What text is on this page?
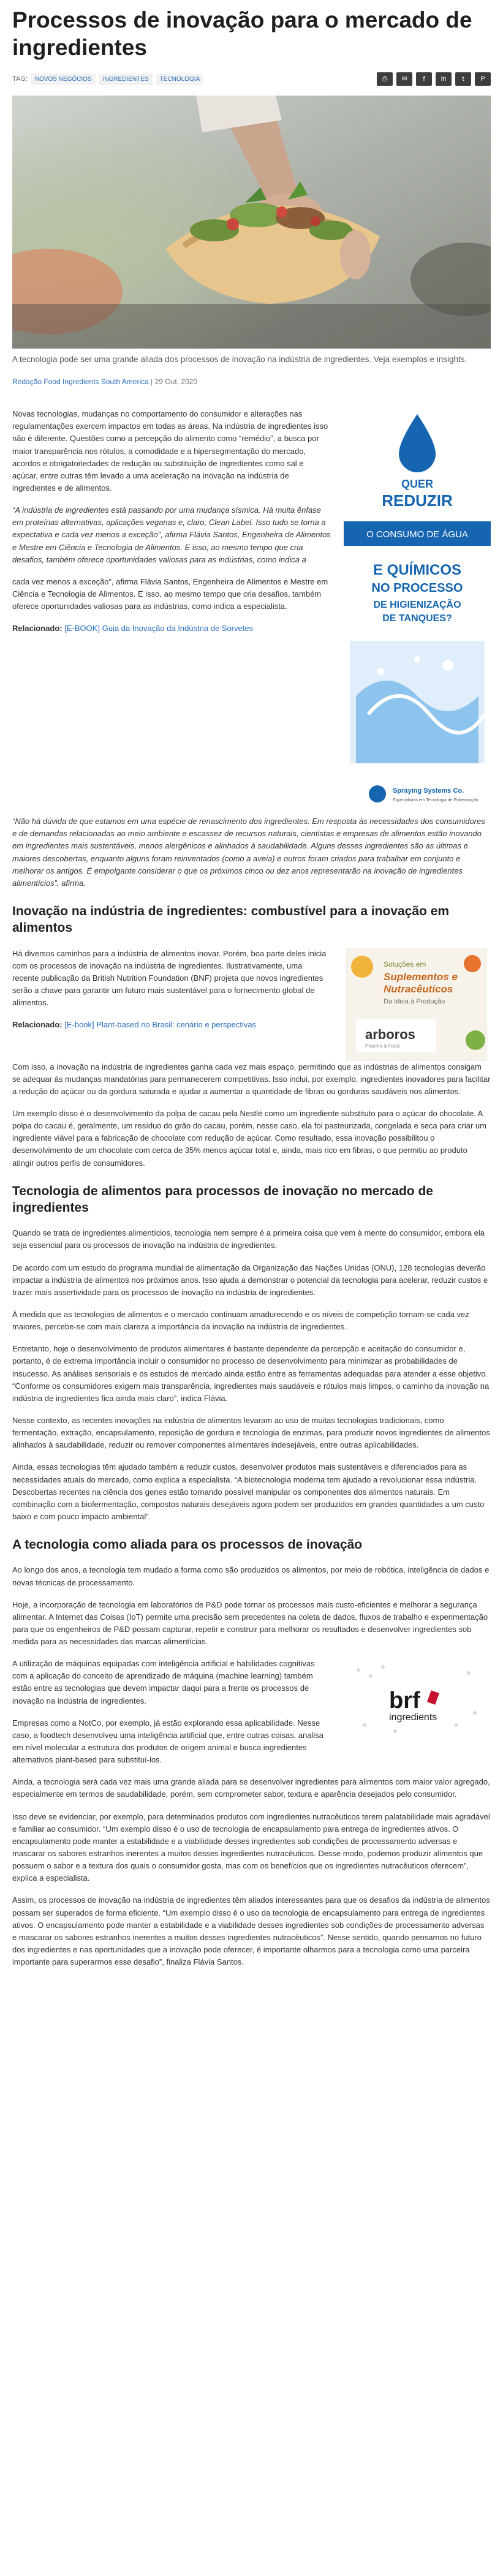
Processos de inovação para o mercado de ingredientes
TAG:	NOVOS NEGÓCIOS	INGREDIENTES	TECNOLOGIA	⎙	✉	f	in	t	P

A tecnologia pode ser uma grande aliada dos processos de inovação na indústria de ingredientes. Veja exemplos e insights.

Redação Food Ingredients South America | 29 Out, 2020

Novas tecnologias, mudanças no comportamento do consumidor e alterações nas regulamentações exercem impactos em todas as áreas. Na indústria de ingredientes isso não é diferente. Questões como a percepção do alimento como “remédio”, a busca por maior transparência nos rótulos, a comodidade e a hipersegmentação do mercado, acordos e obrigatoriedades de redução ou substituição de ingredientes como sal e açúcar, entre outras têm levado a uma aceleração na inovação na indústria de ingredientes e de alimentos.

“A indústria de ingredientes está passando por uma mudança sísmica. Há muita ênfase em proteínas alternativas, aplicações veganas e, claro, Clean Label. Isso tudo se torna a expectativa e cada vez menos a exceção”, afirma Flávia Santos, Engenheira de Alimentos e Mestre em Ciência e Tecnologia de Alimentos. E isso, ao mesmo tempo que cria desafios, também oferece oportunidades valiosas para as indústrias, como indica a

cada vez menos a exceção”, afirma Flávia Santos, Engenheira de Alimentos e Mestre em Ciência e Tecnologia de Alimentos. E isso, ao mesmo tempo que cria desafios, também oferece oportunidades valiosas para as indústrias, como indica a especialista.

Relacionado: [E-BOOK] Guia da Inovação da Indústria de Sorvetes

QUER
REDUZIR
O CONSUMO DE ÁGUA
E QUÍMICOS
NO PROCESSO
DE HIGIENIZAÇÃO
DE TANQUES?
Spraying Systems Co.
Especialistas em Tecnologia de Pulverização

“Não há dúvida de que estamos em uma espécie de renascimento dos ingredientes. Em resposta às necessidades dos consumidores e de demandas relacionadas ao meio ambiente e escassez de recursos naturais, cientistas e empresas de alimentos estão inovando em ingredientes mais sustentáveis, menos alergênicos e alinhados à saudabilidade. Alguns desses ingredientes são as últimas e maiores descobertas, enquanto alguns foram reinventados (como a aveia) e outros foram criados para trabalhar em conjunto e melhorar os antigos. É empolgante considerar o que os próximos cinco ou dez anos representarão na inovação de ingredientes alimentícios”, afirma.

Inovação na indústria de ingredientes: combustível para a inovação em alimentos

Há diversos caminhos para a indústria de alimentos inovar. Porém, boa parte deles inicia com os processos de inovação na indústria de ingredientes. Ilustrativamente, uma recente publicação da British Nutrition Foundation (BNF) projeta que novos ingredientes serão a chave para garantir um futuro mais sustentável para o fornecimento global de alimentos.

Relacionado: [E-book] Plant-based no Brasil: cenário e perspectivas

Soluções em
Suplementos e
Nutracêuticos
Da Ideia à Produção
arboros
Pharma & Food

Com isso, a inovação na indústria de ingredientes ganha cada vez mais espaço, permitindo que as indústrias de alimentos consigam se adequar às mudanças mandatórias para permanecerem competitivas. Isso inclui, por exemplo, ingredientes inovadores para facilitar a redução do açúcar ou da gordura saturada e ajudar a aumentar a quantidade de fibras ou gorduras saudáveis nos alimentos.

Um exemplo disso é o desenvolvimento da polpa de cacau pela Nestlé como um ingrediente substituto para o açúcar do chocolate. A polpa do cacau é, geralmente, um resíduo do grão do cacau, porém, nesse caso, ela foi pasteurizada, congelada e seca para criar um ingrediente viável para a fabricação de chocolate com redução de açúcar. Como resultado, essa inovação possibilitou o desenvolvimento de um chocolate com cerca de 35% menos açúcar total e, ainda, mais rico em fibras, o que permitiu ao produto atingir outros perfis de consumidores.

Tecnologia de alimentos para processos de inovação no mercado de ingredientes

Quando se trata de ingredientes alimentícios, tecnologia nem sempre é a primeira coisa que vem à mente do consumidor, embora ela seja essencial para os processos de inovação na indústria de ingredientes.

De acordo com um estudo do programa mundial de alimentação da Organização das Nações Unidas (ONU), 128 tecnologias deverão impactar a indústria de alimentos nos próximos anos. Isso ajuda a demonstrar o potencial da tecnologia para acelerar, reduzir custos e trazer mais assertividade para os processos de inovação na indústria de ingredientes.

À medida que as tecnologias de alimentos e o mercado continuam amadurecendo e os níveis de competição tornam-se cada vez maiores, percebe-se com mais clareza a importância da inovação na indústria de ingredientes.

Entretanto, hoje o desenvolvimento de produtos alimentares é bastante dependente da percepção e aceitação do consumidor e, portanto, é de extrema importância incluir o consumidor no processo de desenvolvimento para minimizar as probabilidades de insucesso. As análises sensoriais e os estudos de mercado ainda estão entre as ferramentas adequadas para atender a esse objetivo. “Conforme os consumidores exigem mais transparência, ingredientes mais saudáveis e rótulos mais limpos, o caminho da inovação na indústria de ingredientes fica ainda mais claro”, indica Flávia.

Nesse contexto, as recentes inovações na indústria de alimentos levaram ao uso de muitas tecnologias tradicionais, como fermentação, extração, encapsulamento, reposição de gordura e tecnologia de enzimas, para produzir novos ingredientes de alimentos alinhados à saudabilidade, reduzir ou remover componentes alimentares indesejáveis, entre outras aplicabilidades.

Ainda, essas tecnologias têm ajudado também a reduzir custos, desenvolver produtos mais sustentáveis e diferenciados para as necessidades atuais do mercado, como explica a especialista. “A biotecnologia moderna tem ajudado a revolucionar essa indústria. Descobertas recentes na ciência dos genes estão tornando possível manipular os componentes dos alimentos naturais. Em combinação com a biofermentação, compostos naturais desejáveis agora podem ser produzidos em grandes quantidades a um custo baixo e com pouco impacto ambiental”.

A tecnologia como aliada para os processos de inovação

Ao longo dos anos, a tecnologia tem mudado a forma como são produzidos os alimentos, por meio de robótica, inteligência de dados e novas técnicas de processamento.

Hoje, a incorporação de tecnologia em laboratórios de P&D pode tornar os processos mais custo-eficientes e melhorar a segurança alimentar. A Internet das Coisas (IoT) permite uma precisão sem precedentes na coleta de dados, fluxos de trabalho e experimentação para que os engenheiros de P&D possam capturar, repetir e construir para melhorar os resultados e desenvolver ingredientes sob medida para as necessidades das marcas alimentícias.

A utilização de máquinas equipadas com inteligência artificial e habilidades cognitivas com a aplicação do conceito de aprendizado de máquina (machine learning) também estão entre as tecnologias que devem impactar daqui para a frente os processos de inovação na indústria de ingredientes.

Empresas como a NotCo, por exemplo, já estão explorando essa aplicabilidade. Nesse caso, a foodtech desenvolveu uma inteligência artificial que, entre outras coisas, analisa em nível molecular a estrutura dos produtos de origem animal e busca ingredientes alternativos plant-based para substituí-los.

brf
ingredients

Ainda, a tecnologia será cada vez mais uma grande aliada para se desenvolver ingredientes para alimentos com maior valor agregado, especialmente em termos de saudabilidade, porém, sem comprometer sabor, textura e aparência desejados pelo consumidor.

Isso deve se evidenciar, por exemplo, para determinados produtos com ingredientes nutracêuticos terem palatabilidade mais agradável e familiar ao consumidor. “Um exemplo disso é o uso de tecnologia de encapsulamento para entrega de ingredientes ativos. O encapsulamento pode manter a estabilidade e a viabilidade desses ingredientes sob condições de processamento adversas e mascarar os sabores estranhos inerentes a muitos desses ingredientes nutracêuticos. Desse modo, podemos produzir alimentos que possuem o sabor e a textura dos quais o consumidor gosta, mas com os benefícios que os ingredientes nutracêuticos oferecem”, explica a especialista.

Assim, os processos de inovação na indústria de ingredientes têm aliados interessantes para que os desafios da indústria de alimentos possam ser superados de forma eficiente. “Um exemplo disso é o uso da tecnologia de encapsulamento para entrega de ingredientes ativos. O encapsulamento pode manter a estabilidade e a viabilidade desses ingredientes sob condições de processamento adversas e mascarar os sabores estranhos inerentes a muitos desses ingredientes nutracêuticos”. Nesse sentido, quando pensamos no futuro dos ingredientes e nas oportunidades que a inovação pode oferecer, é importante olharmos para a tecnologia como uma parceira importante para superarmos esse desafio”, finaliza Flávia Santos.
